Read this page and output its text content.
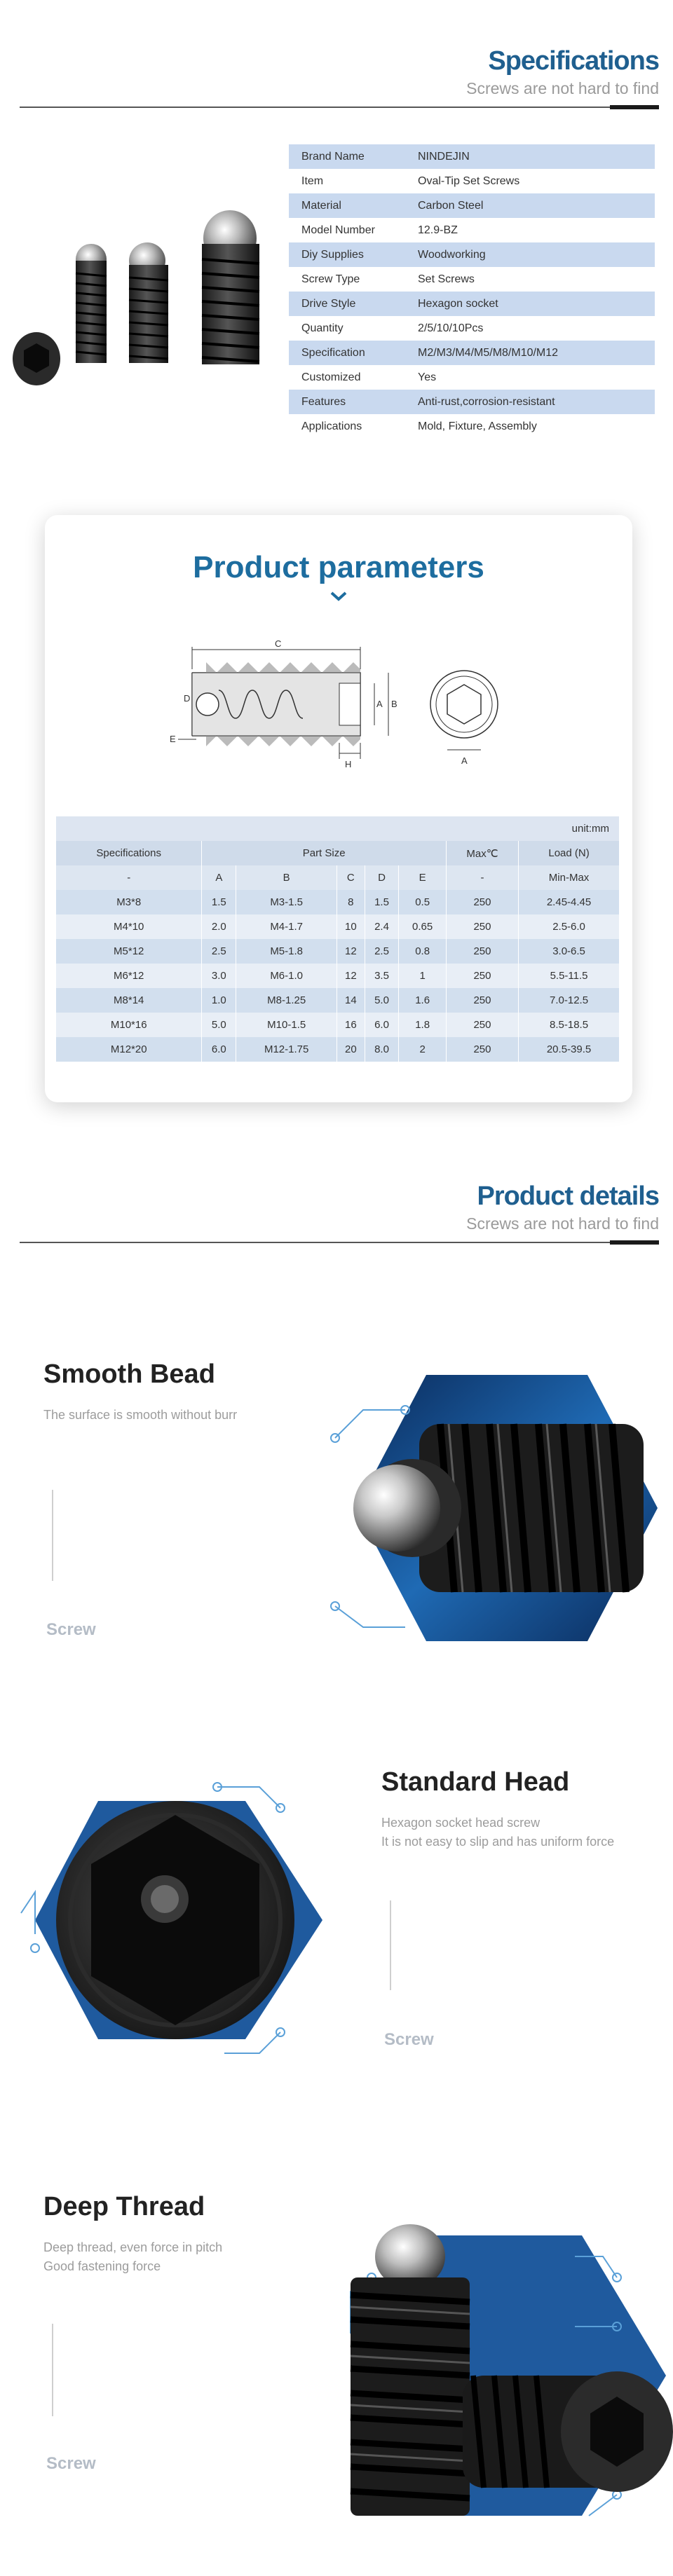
Specifications
Screws are not hard to find
Brand Name	NINDEJIN
Item	Oval-Tip Set Screws
Material	Carbon Steel
Model Number	12.9-BZ
Diy Supplies	Woodworking
Screw Type	Set Screws
Drive Style	Hexagon socket
Quantity	2/5/10/10Pcs
Specification	M2/M3/M4/M5/M8/M10/M12
Customized	Yes
Features	Anti-rust,corrosion-resistant
Applications	Mold, Fixture, Assembly
Product parameters
C
A B
E
H
D
A
unit:mm							
Specifications	Part Size					Max℃	Load (N)
-	A	B	C	D	E	-	Min-Max
M3*8	1.5	M3-1.5	8	1.5	0.5	250	2.45-4.45
M4*10	2.0	M4-1.7	10	2.4	0.65	250	2.5-6.0
M5*12	2.5	M5-1.8	12	2.5	0.8	250	3.0-6.5
M6*12	3.0	M6-1.0	12	3.5	1	250	5.5-11.5
M8*14	1.0	M8-1.25	14	5.0	1.6	250	7.0-12.5
M10*16	5.0	M10-1.5	16	6.0	1.8	250	8.5-18.5
M12*20	6.0	M12-1.75	20	8.0	2	250	20.5-39.5
Product details
Screws are not hard to find
Smooth Bead
The surface is smooth without burr
Screw
Standard Head
Hexagon socket head screw
It is not easy to slip and has uniform force
Screw
Deep Thread
Deep thread, even force in pitch
Good fastening force
Screw
